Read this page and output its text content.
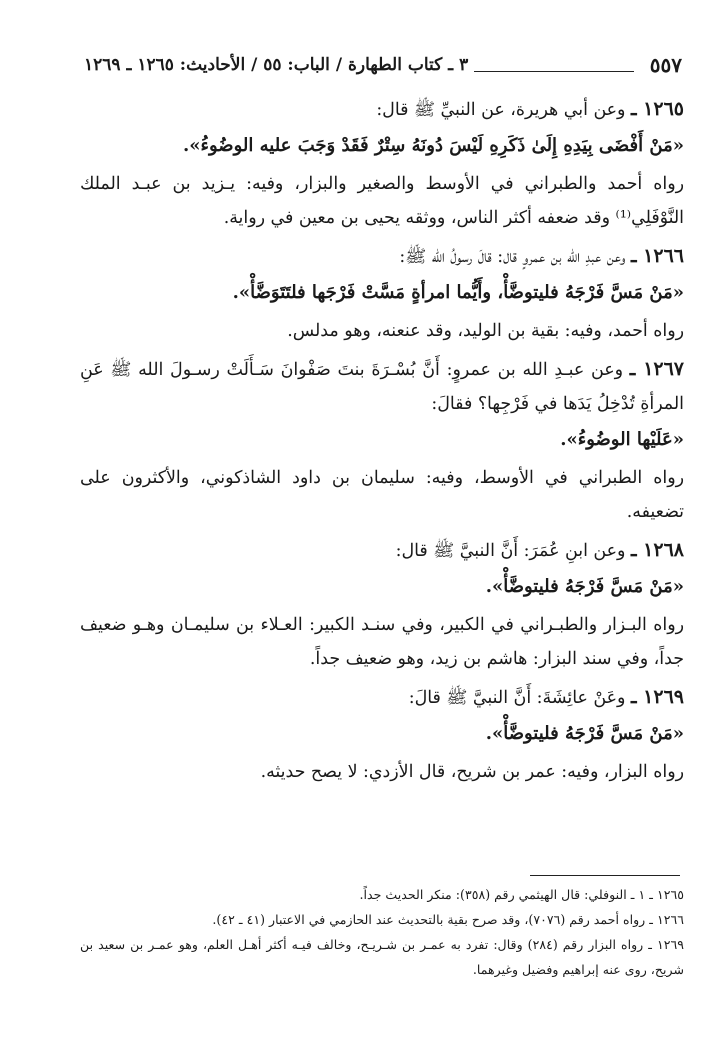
٥٥٧
٣ ـ كتاب الطهارة / الباب: ٥٥ / الأحاديث: ١٢٦٥ ـ ١٢٦٩

١٢٦٥ ـ وعن أبي هريرة، عن النبيِّ ﷺ قال:

«مَنْ أَفْضَى بِيَدِهِ إِلَىٰ ذَكَرِهِ لَيْسَ دُونَهُ سِتْرٌ فَقَدْ وَجَبَ عليه الوضُوءُ».

رواه أحمد والطبراني في الأوسط والصغير والبزار، وفيه: يـزيد بن عبـد الملك النَّوْفَلِي⁽¹⁾ وقد ضعفه أكثر الناس، ووثقه يحيى بن معين في رواية.

١٢٦٦ ـ وعن عبدِ الله بن عمروٍ قال: قالَ رسولُ الله ﷺ:

«مَنْ مَسَّ فَرْجَهُ فليتوضَّأْ، وأَيُّما امرأةٍ مَسَّتْ فَرْجَها فلتَتَوَضَّأْ».

رواه أحمد، وفيه: بقية بن الوليد، وقد عنعنه، وهو مدلس.

١٢٦٧ ـ وعن عبـدِ الله بن عمروٍ: أَنَّ بُسْـرَةَ بنتَ صَفْوانَ سَـأَلَتْ رسـولَ الله ﷺ عَنِ المرأةِ تُدْخِلُ يَدَها في فَرْجِها؟ فقالَ:

«عَلَيْها الوضُوءُ».

رواه الطبراني في الأوسط، وفيه: سليمان بن داود الشاذكوني، والأكثرون على تضعيفه.

١٢٦٨ ـ وعن ابنِ عُمَرَ: أَنَّ النبيَّ ﷺ قال:

«مَنْ مَسَّ فَرْجَهُ فليتوضَّأْ».

رواه البـزار والطبـراني في الكبير، وفي سنـد الكبير: العـلاء بن سليمـان وهـو ضعيف جداً، وفي سند البزار: هاشم بن زيد، وهو ضعيف جداً.

١٢٦٩ ـ وعَنْ عائِشَةَ: أَنَّ النبيَّ ﷺ قالَ:

«مَنْ مَسَّ فَرْجَهُ فليتوضَّأْ».

رواه البزار، وفيه: عمر بن شريح، قال الأزدي: لا يصح حديثه.

١٢٦٥ ـ ١ ـ النوفلي: قال الهيثمي رقم (٣٥٨): منكر الحديث جداً.

١٢٦٦ ـ رواه أحمد رقم (٧٠٧٦)، وقد صرح بقية بالتحديث عند الحازمي في الاعتبار (٤١ ـ ٤٢).

١٢٦٩ ـ رواه البزار رقم (٢٨٤) وقال: تفرد به عمـر بن شـريـح، وخالف فيـه أكثر أهـل العلم، وهو عمـر بن سعيد بن شريح، روى عنه إبراهيم وفضيل وغيرهما.
